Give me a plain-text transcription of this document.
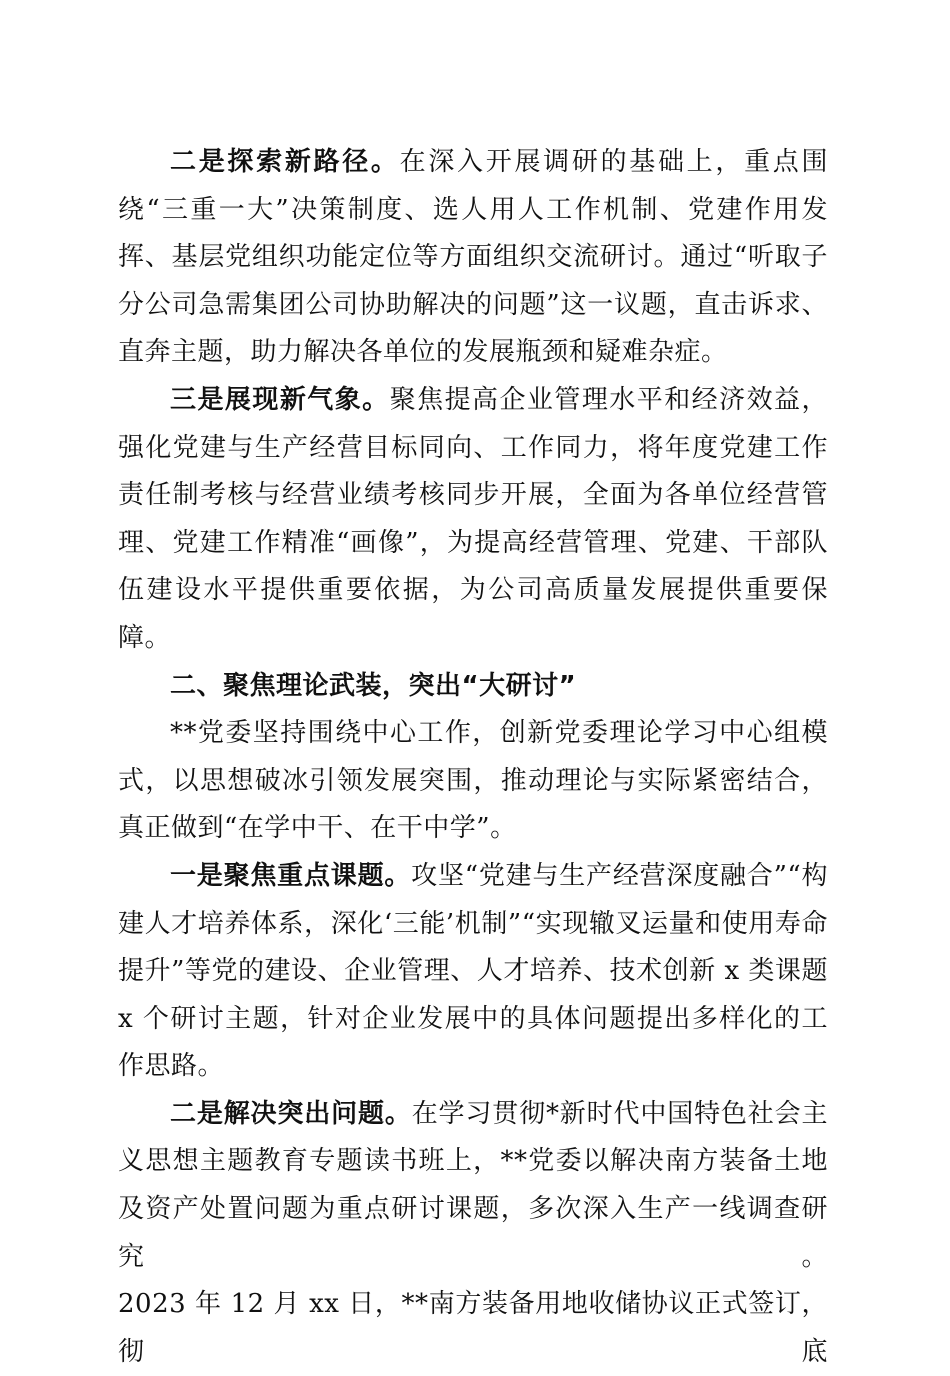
二是探索新路径。在深入开展调研的基础上，重点围绕“三重一大”决策制度、选人用人工作机制、党建作用发挥、基层党组织功能定位等方面组织交流研讨。通过“听取子分公司急需集团公司协助解决的问题”这一议题，直击诉求、直奔主题，助力解决各单位的发展瓶颈和疑难杂症。

三是展现新气象。聚焦提高企业管理水平和经济效益，强化党建与生产经营目标同向、工作同力，将年度党建工作责任制考核与经营业绩考核同步开展，全面为各单位经营管理、党建工作精准“画像”，为提高经营管理、党建、干部队伍建设水平提供重要依据，为公司高质量发展提供重要保障。

二、聚焦理论武装，突出“大研讨”

**党委坚持围绕中心工作，创新党委理论学习中心组模式，以思想破冰引领发展突围，推动理论与实际紧密结合，真正做到“在学中干、在干中学”。

一是聚焦重点课题。攻坚“党建与生产经营深度融合”“构建人才培养体系，深化‘三能’机制”“实现辙叉运量和使用寿命提升”等党的建设、企业管理、人才培养、技术创新 x 类课题 x 个研讨主题，针对企业发展中的具体问题提出多样化的工作思路。

二是解决突出问题。在学习贯彻*新时代中国特色社会主义思想主题教育专题读书班上，**党委以解决南方装备土地及资产处置问题为重点研讨课题，多次深入生产一线调查研究。

2023 年 12 月 xx 日，**南方装备用地收储协议正式签订，彻底
